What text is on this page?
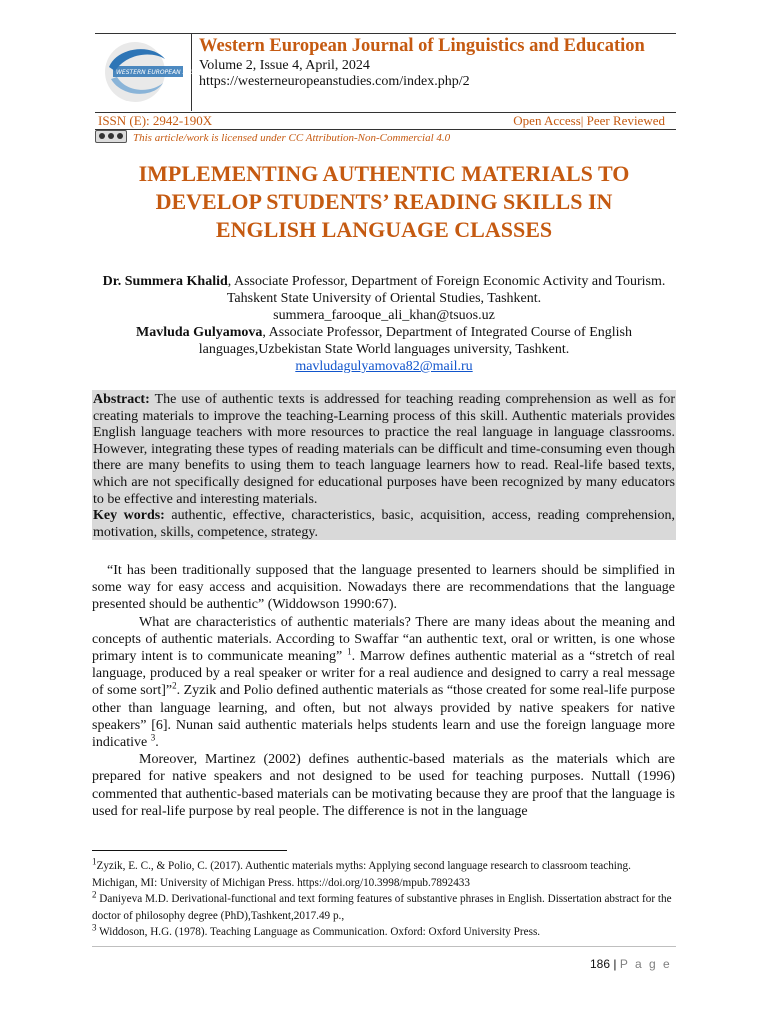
WESTERN EUROPEAN STUDIES
Western European Journal of Linguistics and Education
Volume 2, Issue 4, April, 2024
https://westerneuropeanstudies.com/index.php/2
ISSN (E): 2942-190X	Open Access| Peer Reviewed
This article/work is licensed under CC Attribution-Non-Commercial 4.0
IMPLEMENTING AUTHENTIC MATERIALS TO
DEVELOP STUDENTS’ READING SKILLS IN
ENGLISH LANGUAGE CLASSES
Dr. Summera Khalid, Associate Professor, Department of Foreign Economic Activity and Tourism. Tahskent State University of Oriental Studies, Tashkent.
summera_farooque_ali_khan@tsuos.uz
Mavluda Gulyamova, Associate Professor, Department of Integrated Course of English languages,Uzbekistan State World languages university, Tashkent.
mavludagulyamova82@mail.ru
Abstract: The use of authentic texts is addressed for teaching reading comprehension as well as for creating materials to improve the teaching-Learning process of this skill. Authentic materials provides English language teachers with more resources to practice the real language in language classrooms. However, integrating these types of reading materials can be difficult and time-consuming even though there are many benefits to using them to teach language learners how to read. Real-life based texts, which are not specifically designed for educational purposes have been recognized by many educators to be effective and interesting materials.
Key words: authentic, effective, characteristics, basic, acquisition, access, reading comprehension, motivation, skills, competence, strategy.

“It has been traditionally supposed that the language presented to learners should be simplified in some way for easy access and acquisition. Nowadays there are recommendations that the language presented should be authentic” (Widdowson 1990:67).

What are characteristics of authentic materials? There are many ideas about the meaning and concepts of authentic materials. According to Swaffar “an authentic text, oral or written, is one whose primary intent is to communicate meaning” $^1$. Marrow defines authentic material as a “stretch of real language, produced by a real speaker or writer for a real audience and designed to carry a real message of some sort]”$^2$. Zyzik and Polio defined authentic materials as “those created for some real-life purpose other than language learning, and often, but not always provided by native speakers for native speakers” [6]. Nunan said authentic materials helps students learn and use the foreign language more indicative $^3$.

Moreover, Martinez (2002) defines authentic-based materials as the materials which are prepared for native speakers and not designed to be used for teaching purposes. Nuttall (1996) commented that authentic-based materials can be motivating because they are proof that the language is used for real-life purpose by real people. The difference is not in the language

$^1$Zyzik, E. C., & Polio, C. (2017). Authentic materials myths: Applying second language research to classroom teaching. Michigan, MI: University of Michigan Press. https://doi.org/10.3998/mpub.7892433
$^2$ Daniyeva M.D. Derivational-functional and text forming features of substantive phrases in English. Dissertation abstract for the doctor of philosophy degree (PhD),Tashkent,2017.49 p.,
$^3$ Widdoson, H.G. (1978). Teaching Language as Communication. Oxford: Oxford University Press.
186 | P a g e
